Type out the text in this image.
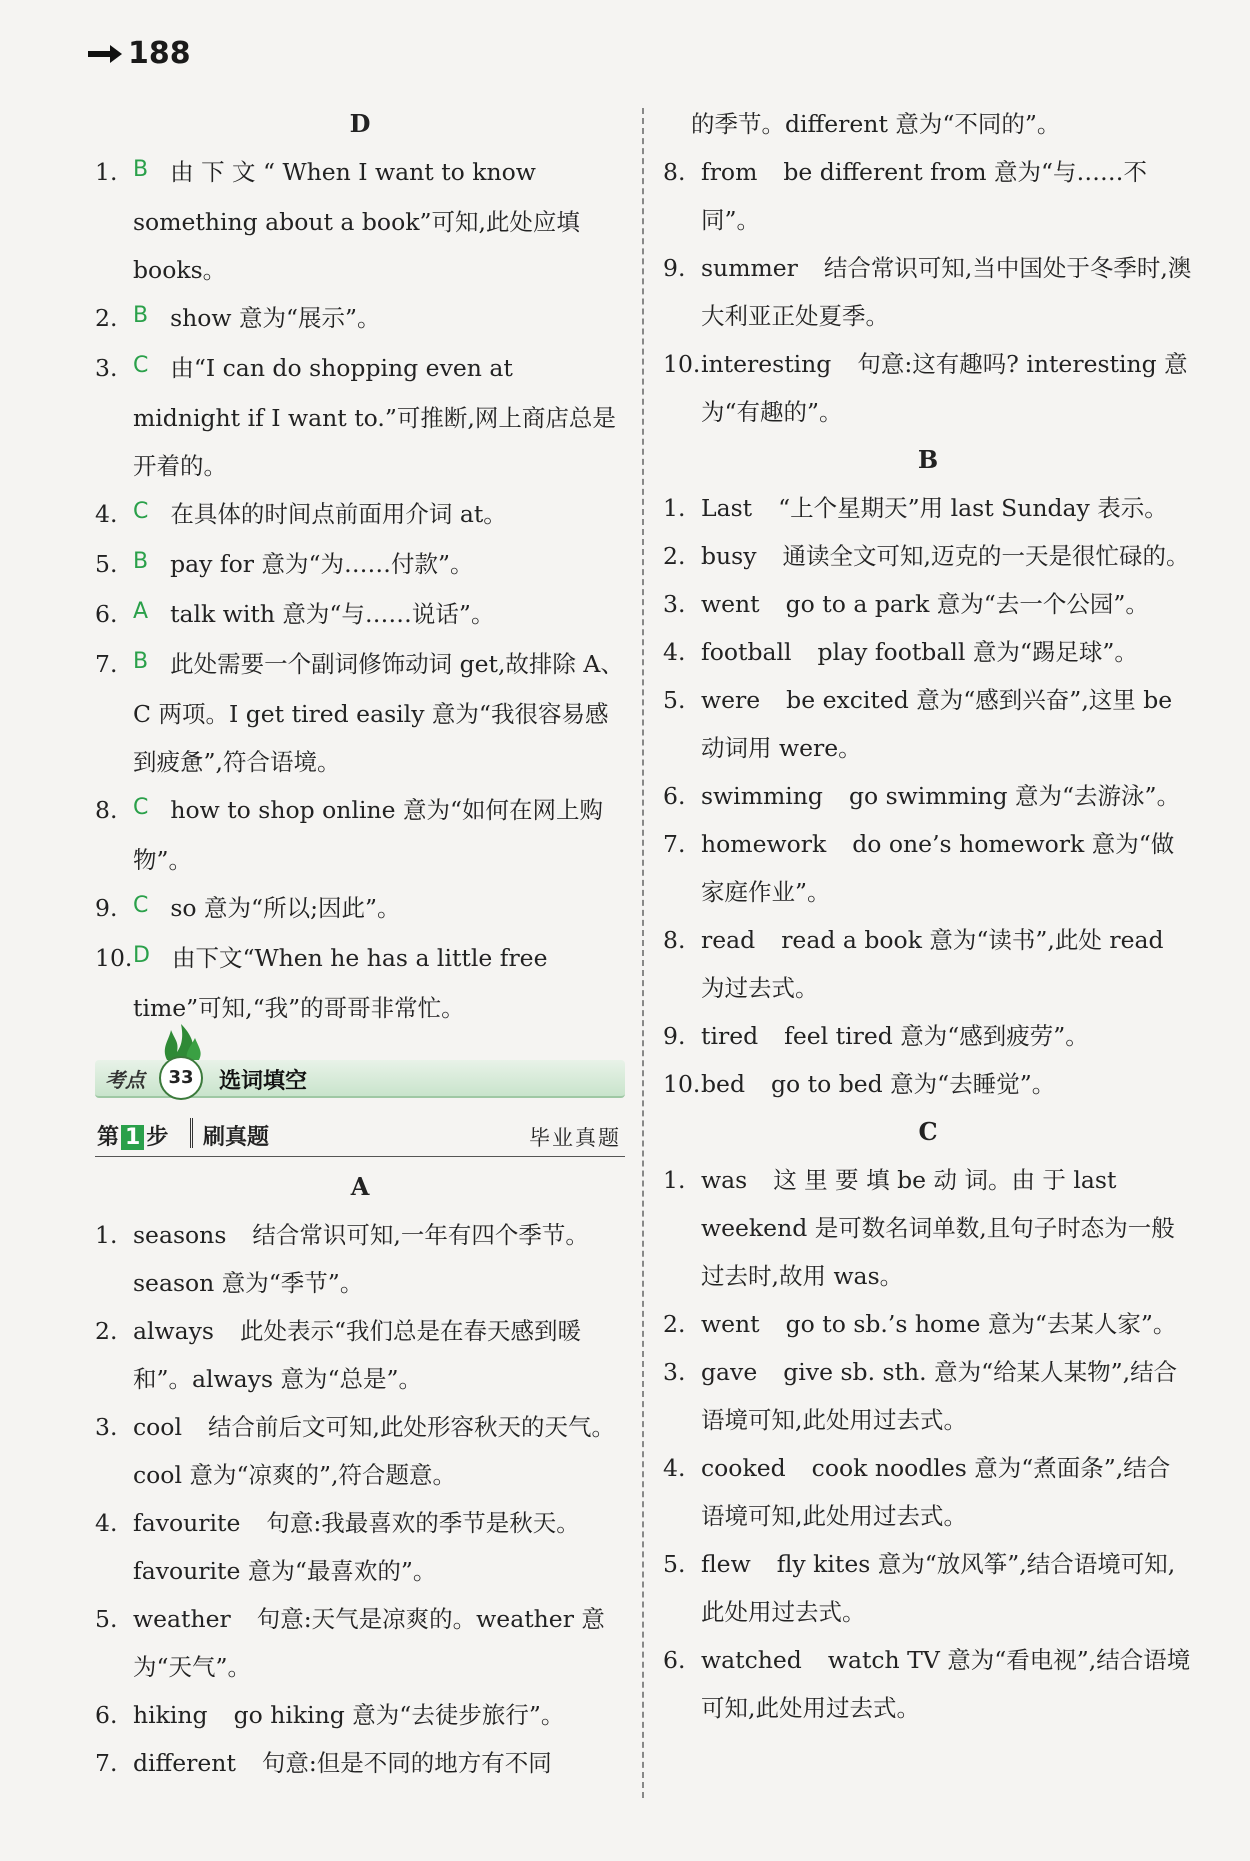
188
D
1. B 由 下 文 “ When I want to know something about a book”可知,此处应填 books。
2. B show 意为“展示”。
3. C 由“I can do shopping even at midnight if I want to.”可推断,网上商店总是开着的。
4. C 在具体的时间点前面用介词 at。
5. B pay for 意为“为……付款”。
6. A talk with 意为“与……说话”。
7. B 此处需要一个副词修饰动词 get,故排除 A、C 两项。I get tired easily 意为“我很容易感到疲惫”,符合语境。
8. C how to shop online 意为“如何在网上购物”。
9. C so 意为“所以;因此”。
10. D 由下文“When he has a little free time”可知,“我”的哥哥非常忙。
考点	33	选词填空
第 1 步 刷真题	毕业真题
A
1. seasons 结合常识可知,一年有四个季节。season 意为“季节”。
2. always 此处表示“我们总是在春天感到暖和”。always 意为“总是”。
3. cool 结合前后文可知,此处形容秋天的天气。cool 意为“凉爽的”,符合题意。
4. favourite 句意:我最喜欢的季节是秋天。favourite 意为“最喜欢的”。
5. weather 句意:天气是凉爽的。weather 意为“天气”。
6. hiking go hiking 意为“去徒步旅行”。
7. different 句意:但是不同的地方有不同
的季节。different 意为“不同的”。
8. from be different from 意为“与……不同”。
9. summer 结合常识可知,当中国处于冬季时,澳大利亚正处夏季。
10. interesting 句意:这有趣吗? interesting 意为“有趣的”。
B
1. Last “上个星期天”用 last Sunday 表示。
2. busy 通读全文可知,迈克的一天是很忙碌的。
3. went go to a park 意为“去一个公园”。
4. football play football 意为“踢足球”。
5. were be excited 意为“感到兴奋”,这里 be 动词用 were。
6. swimming go swimming 意为“去游泳”。
7. homework do one’s homework 意为“做家庭作业”。
8. read read a book 意为“读书”,此处 read 为过去式。
9. tired feel tired 意为“感到疲劳”。
10. bed go to bed 意为“去睡觉”。
C
1. was 这 里 要 填 be 动 词。由 于 last weekend 是可数名词单数,且句子时态为一般过去时,故用 was。
2. went go to sb.’s home 意为“去某人家”。
3. gave give sb. sth. 意为“给某人某物”,结合语境可知,此处用过去式。
4. cooked cook noodles 意为“煮面条”,结合语境可知,此处用过去式。
5. flew fly kites 意为“放风筝”,结合语境可知,此处用过去式。
6. watched watch TV 意为“看电视”,结合语境可知,此处用过去式。
